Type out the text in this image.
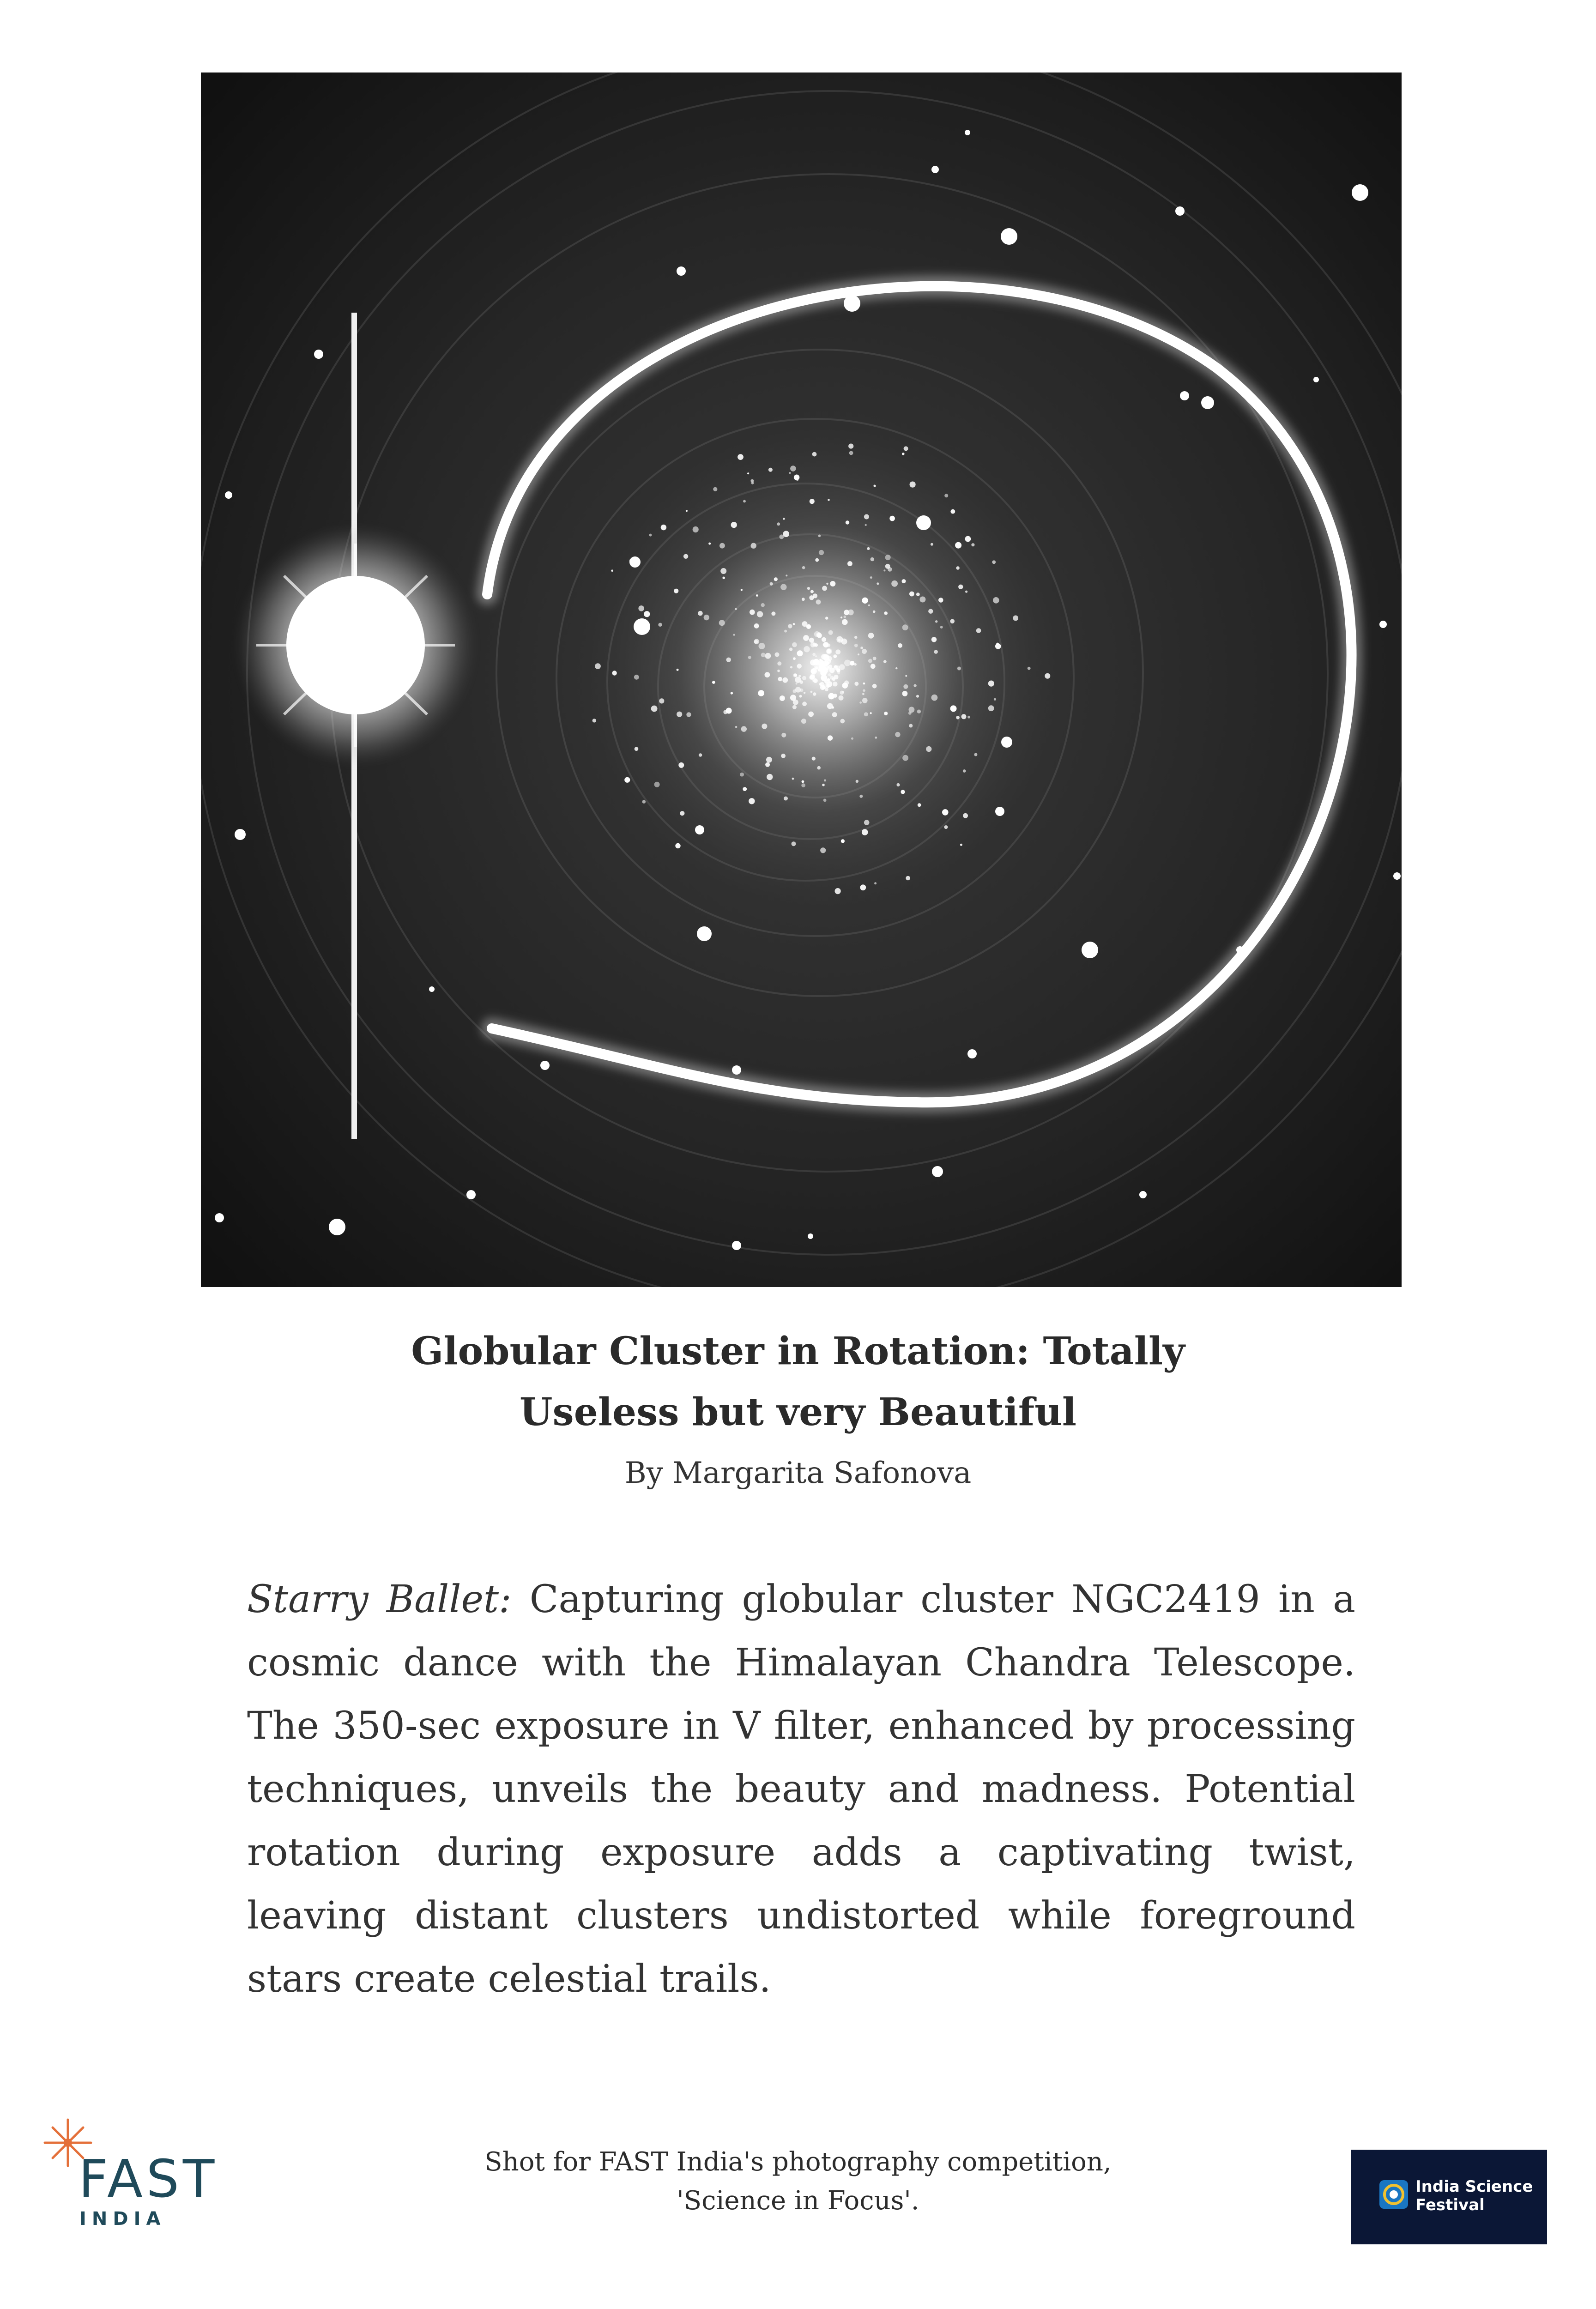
Globular Cluster in Rotation: Totally
Useless but very Beautiful
By Margarita Safonova

Starry Ballet: Capturing globular cluster NGC2419 in a cosmic dance with the Himalayan Chandra Telescope. The 350-sec exposure in V filter, enhanced by processing techniques, unveils the beauty and madness. Potential rotation during exposure adds a captivating twist, leaving distant clusters undistorted while foreground stars create celestial trails.

FAST
INDIA
Shot for FAST India's photography competition,
'Science in Focus'.	India Science
Festival
